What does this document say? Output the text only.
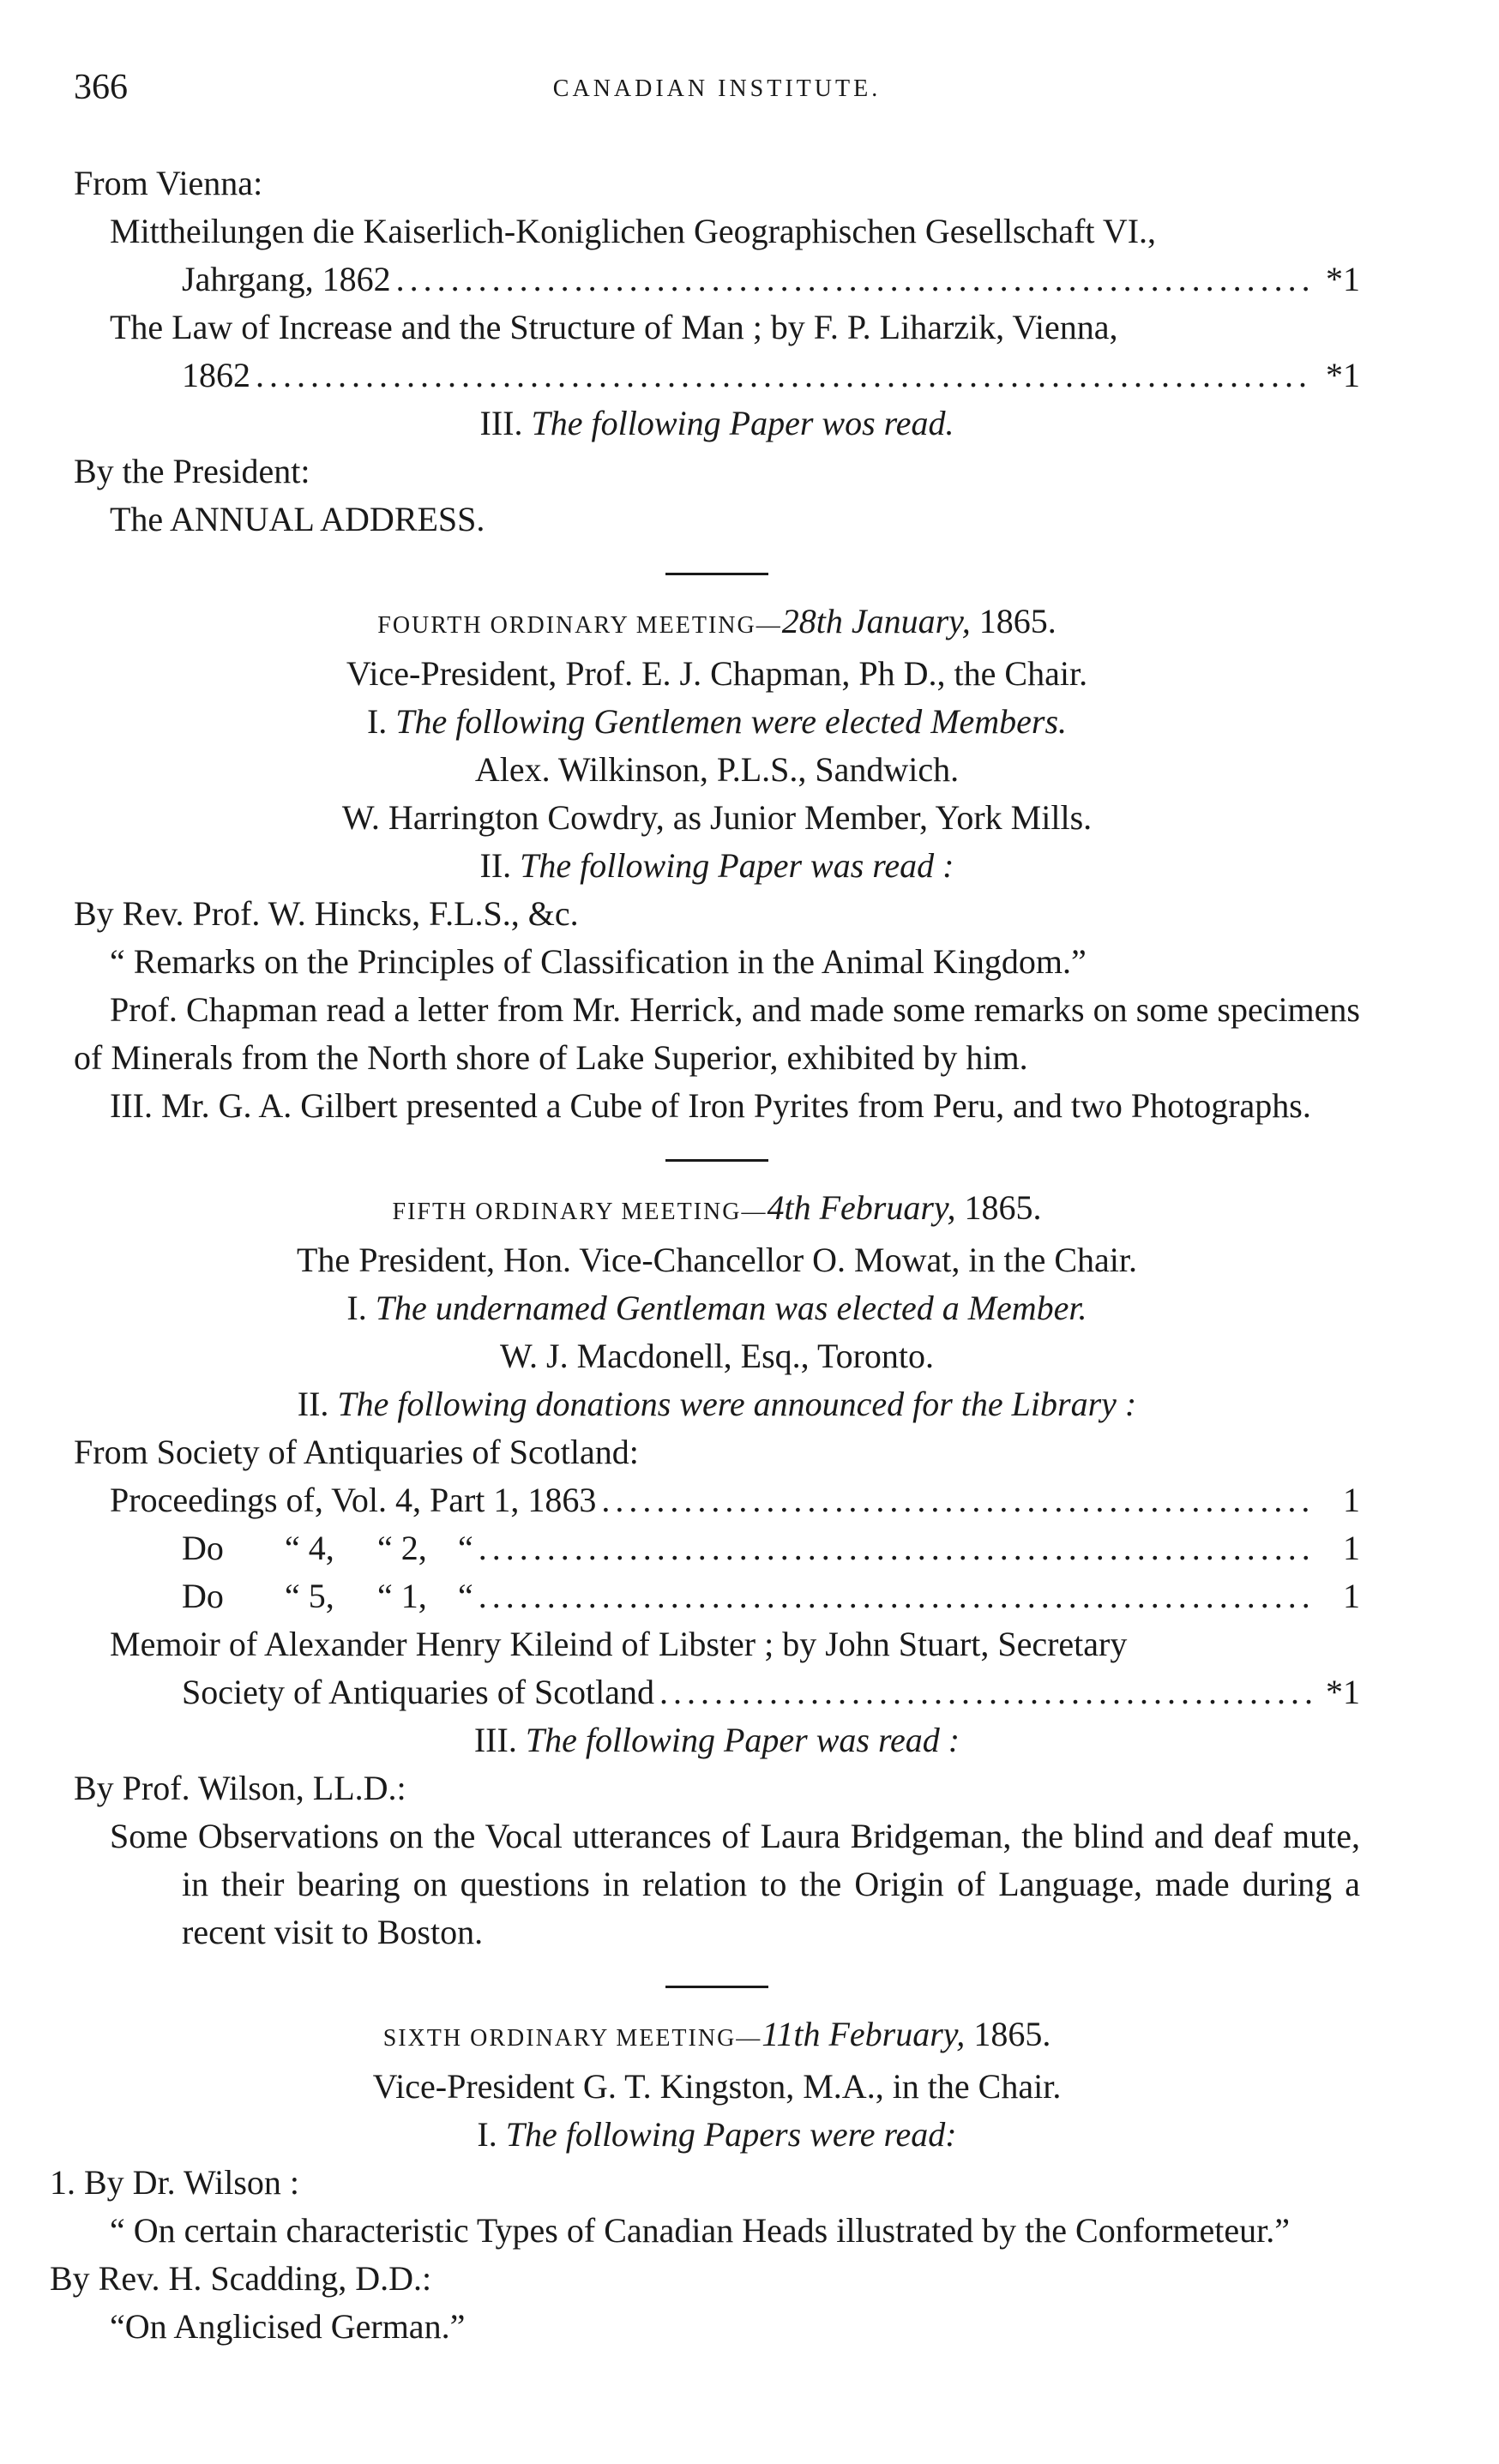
366	CANADIAN INSTITUTE.
From Vienna:
Mittheilungen die Kaiserlich-Koniglichen Geographischen Gesellschaft VI.,
Jahrgang, 1862 .....	*1
The Law of Increase and the Structure of Man ; by F. P. Liharzik, Vienna,
1862 .....	*1
III. The following Paper wos read.
By the President:
The ANNUAL ADDRESS.
FOURTH ORDINARY MEETING—28th January, 1865.
Vice-President, Prof. E. J. Chapman, Ph D., the Chair.
I. The following Gentlemen were elected Members.
Alex. Wilkinson, P.L.S., Sandwich.
W. Harrington Cowdry, as Junior Member, York Mills.
II. The following Paper was read :
By Rev. Prof. W. Hincks, F.L.S., &c.
“ Remarks on the Principles of Classification in the Animal Kingdom.”
Prof. Chapman read a letter from Mr. Herrick, and made some remarks on some specimens of Minerals from the North shore of Lake Superior, exhibited by him.
III. Mr. G. A. Gilbert presented a Cube of Iron Pyrites from Peru, and two Photographs.
FIFTH ORDINARY MEETING—4th February, 1865.
The President, Hon. Vice-Chancellor O. Mowat, in the Chair.
I. The undernamed Gentleman was elected a Member.
W. J. Macdonell, Esq., Toronto.
II. The following donations were announced for the Library :
From Society of Antiquaries of Scotland:
Proceedings of, Vol. 4, Part 1, 1863 .....	1
Do	“ 4,	“ 2, “ .....	1
Do	“ 5,	“ 1, “ .....	1
Memoir of Alexander Henry Kileind of Libster ; by John Stuart, Secretary
Society of Antiquaries of Scotland .....	*1
III. The following Paper was read :
By Prof. Wilson, LL.D.:
Some Observations on the Vocal utterances of Laura Bridgeman, the blind and deaf mute, in their bearing on questions in relation to the Origin of Language, made during a recent visit to Boston.
SIXTH ORDINARY MEETING—11th February, 1865.
Vice-President G. T. Kingston, M.A., in the Chair.
I. The following Papers were read:
1. By Dr. Wilson :
“ On certain characteristic Types of Canadian Heads illustrated by the Conformeteur.”
By Rev. H. Scadding, D.D.:
“On Anglicised German.”
